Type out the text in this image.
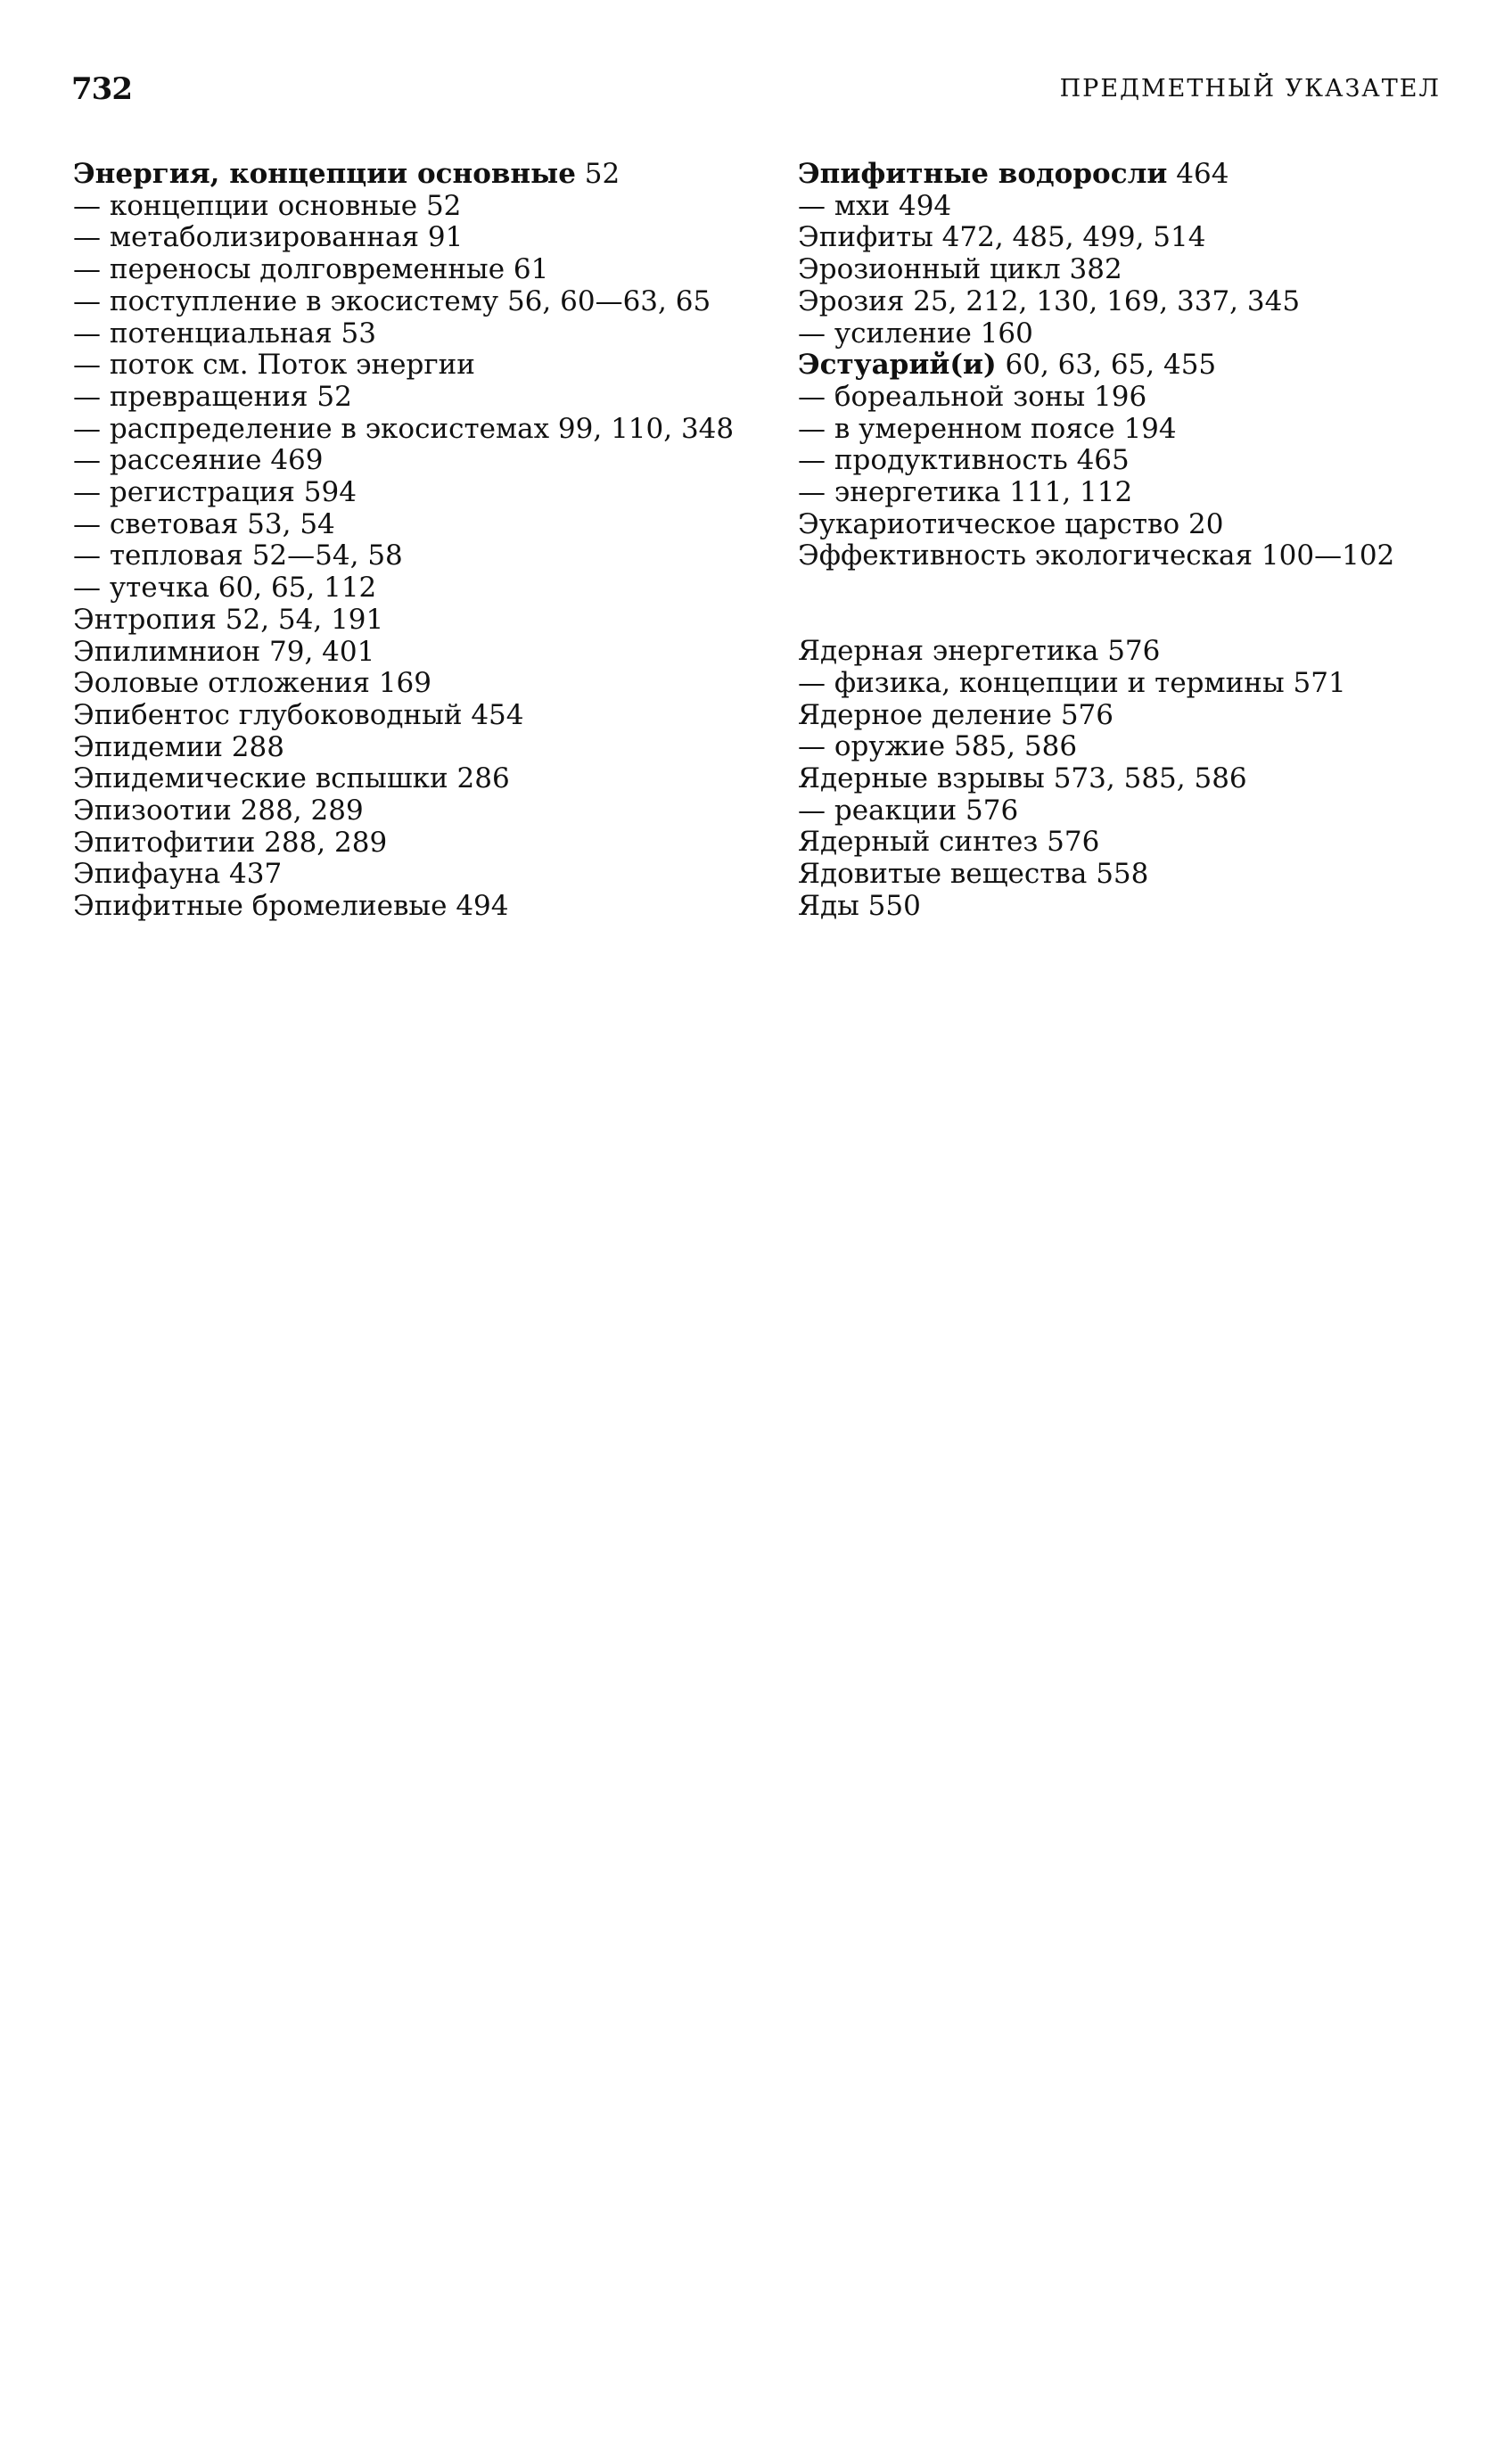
732	ПРЕДМЕТНЫЙ УКАЗАТЕЛ
Энергия, концепции основные 52
— концепции основные 52
— метаболизированная 91
— переносы долговременные 61
— поступление в экосистему 56, 60—63, 65
— потенциальная 53
— поток см. Поток энергии
— превращения 52
— распределение в экосистемах 99, 110, 348
— рассеяние 469
— регистрация 594
— световая 53, 54
— тепловая 52—54, 58
— утечка 60, 65, 112
Энтропия 52, 54, 191
Эпилимнион 79, 401
Эоловые отложения 169
Эпибентос глубоководный 454
Эпидемии 288
Эпидемические вспышки 286
Эпизоотии 288, 289
Эпитофитии 288, 289
Эпифауна 437
Эпифитные бромелиевые 494
Эпифитные водоросли 464
— мхи 494
Эпифиты 472, 485, 499, 514
Эрозионный цикл 382
Эрозия 25, 212, 130, 169, 337, 345
— усиление 160
Эстуарий(и) 60, 63, 65, 455
— бореальной зоны 196
— в умеренном поясе 194
— продуктивность 465
— энергетика 111, 112
Эукариотическое царство 20
Эффективность экологическая 100—102
Ядерная энергетика 576
— физика, концепции и термины 571
Ядерное деление 576
— оружие 585, 586
Ядерные взрывы 573, 585, 586
— реакции 576
Ядерный синтез 576
Ядовитые вещества 558
Яды 550
